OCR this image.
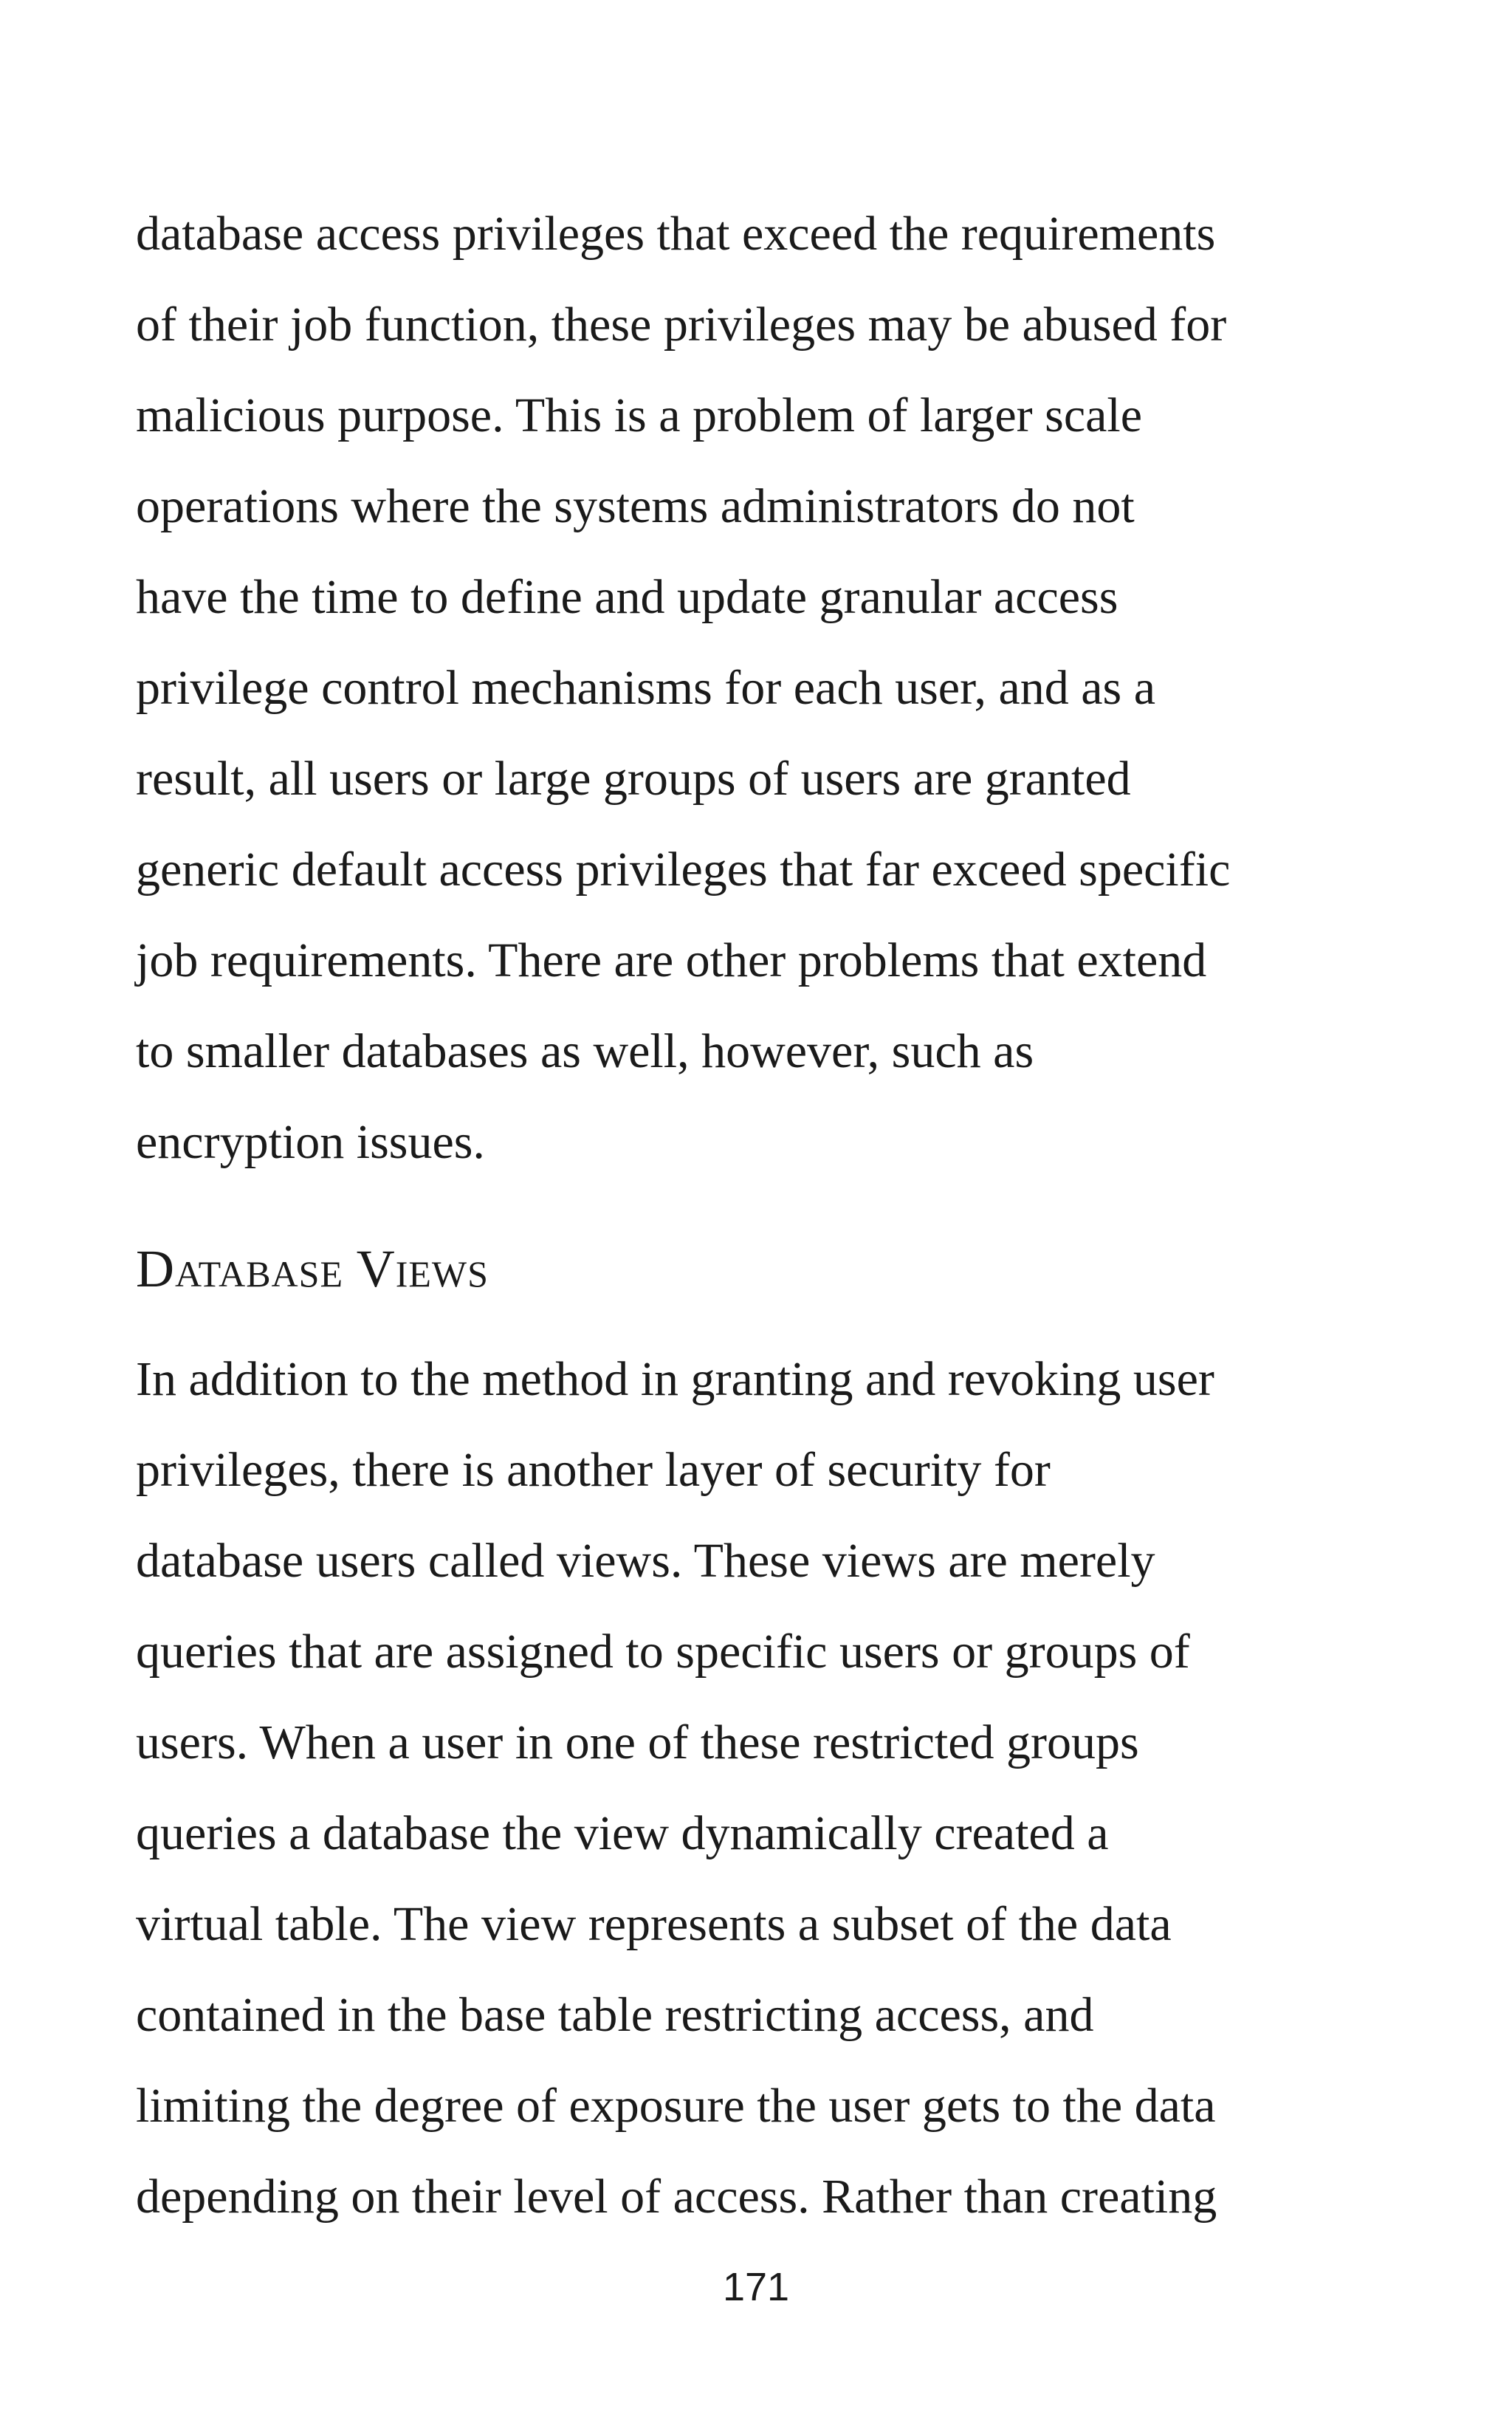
database access privileges that exceed the requirements
of their job function, these privileges may be abused for
malicious purpose. This is a problem of larger scale
operations where the systems administrators do not
have the time to define and update granular access
privilege control mechanisms for each user, and as a
result, all users or large groups of users are granted
generic default access privileges that far exceed specific
job requirements. There are other problems that extend
to smaller databases as well, however, such as
encryption issues.
Database Views
In addition to the method in granting and revoking user
privileges, there is another layer of security for
database users called views. These views are merely
queries that are assigned to specific users or groups of
users. When a user in one of these restricted groups
queries a database the view dynamically created a
virtual table. The view represents a subset of the data
contained in the base table restricting access, and
limiting the degree of exposure the user gets to the data
depending on their level of access. Rather than creating
171
